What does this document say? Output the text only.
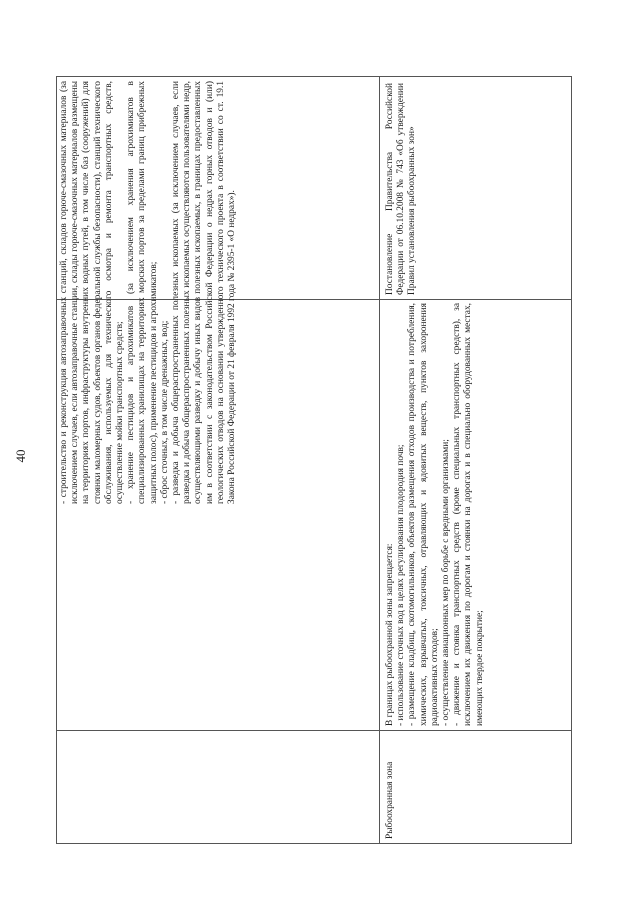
40	- строительство и реконструкция автозаправочных станций, складов горюче-смазочных материалов (за исключением случаев, если автозаправочные станции, склады горюче-смазочных материалов размещены на территориях портов, инфраструктуры внутренних водных путей, в том числе баз (сооружений) для стоянки маломерных судов, объектов органов федеральной службы безопасности), станций технического обслуживания, используемых для технического осмотра и ремонта транспортных средств, осуществление мойки транспортных средств; - хранение пестицидов и агрохимикатов (за исключением хранения агрохимикатов в специализированных хранилищах на территориях морских портов за пределами границ прибрежных защитных полос), применение пестицидов и агрохимикатов; - сброс сточных, в том числе дренажных, вод; - разведка и добыча общераспространенных полезных ископаемых (за исключением случаев, если разведка и добыча общераспространенных полезных ископаемых осуществляются пользователями недр, осуществляющими разведку и добычу иных видов полезных ископаемых, в границах предоставленных им в соответствии с законодательством Российской Федерации о недрах горных отводов и (или) геологических отводов на основании утвержденного технического проекта в соответствии со ст. 19.1 Закона Российской Федерации от 21 февраля 1992 года № 2395-1 «О недрах»).

Постановление Правительства Российской Федерации от 06.10.2008 № 743 «Об утверждении Правил установления рыбоохранных зон»

Рыбоохранная зона

В границах рыбоохранной зоны запрещается: - использование сточных вод в целях регулирования плодородия почв; - размещение кладбищ, скотомогильников, объектов размещения отходов производства и потребления, химических, взрывчатых, токсичных, отравляющих и ядовитых веществ, пунктов захоронения радиоактивных отходов; - осуществление авиационных мер по борьбе с вредными организмами; - движение и стоянка транспортных средств (кроме специальных транспортных средств), за исключением их движения по дорогам и стоянки на дорогах и в специально оборудованных местах, имеющих твердое покрытие;
